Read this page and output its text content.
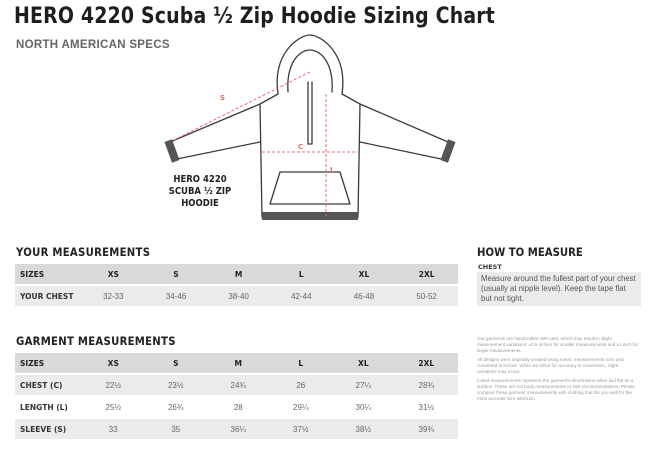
HERO 4220 Scuba ½ Zip Hoodie Sizing Chart
NORTH AMERICAN SPECS
S
C
L
HERO 4220
SCUBA ½ ZIP HOODIE
YOUR MEASUREMENTS
SIZES	XS	S	M	L	XL	2XL
YOUR CHEST	32-33	34-46	38-40	42-44	46-48	50-52
GARMENT MEASUREMENTS
SIZES	XS	S	M	L	XL	2XL
CHEST (C)	22½	23½	24¾	26	27¼	28¾
LENGTH (L)	25½	26¾	28	29¼	30¼	31½
SLEEVE (S)	33	35	36¼	37½	38½	39¾
HOW TO MEASURE
CHEST
Measure around the fullest part of your chest (usually at nipple level). Keep the tape flat but not tight.

Our garments are handcrafted with care, which may result in slight measurement variations: ±0.5 inches for smaller measurements and ±1 inch for larger measurements.

All designs were originally created using metric measurements (cm) and converted to inches. While we strive for accuracy in conversion, slight variations may occur.

Listed measurements represent the garment's dimensions when laid flat on a surface. These are not body measurements or size recommendations. Please compare these garment measurements with clothing that fits you well for the most accurate size selection.
